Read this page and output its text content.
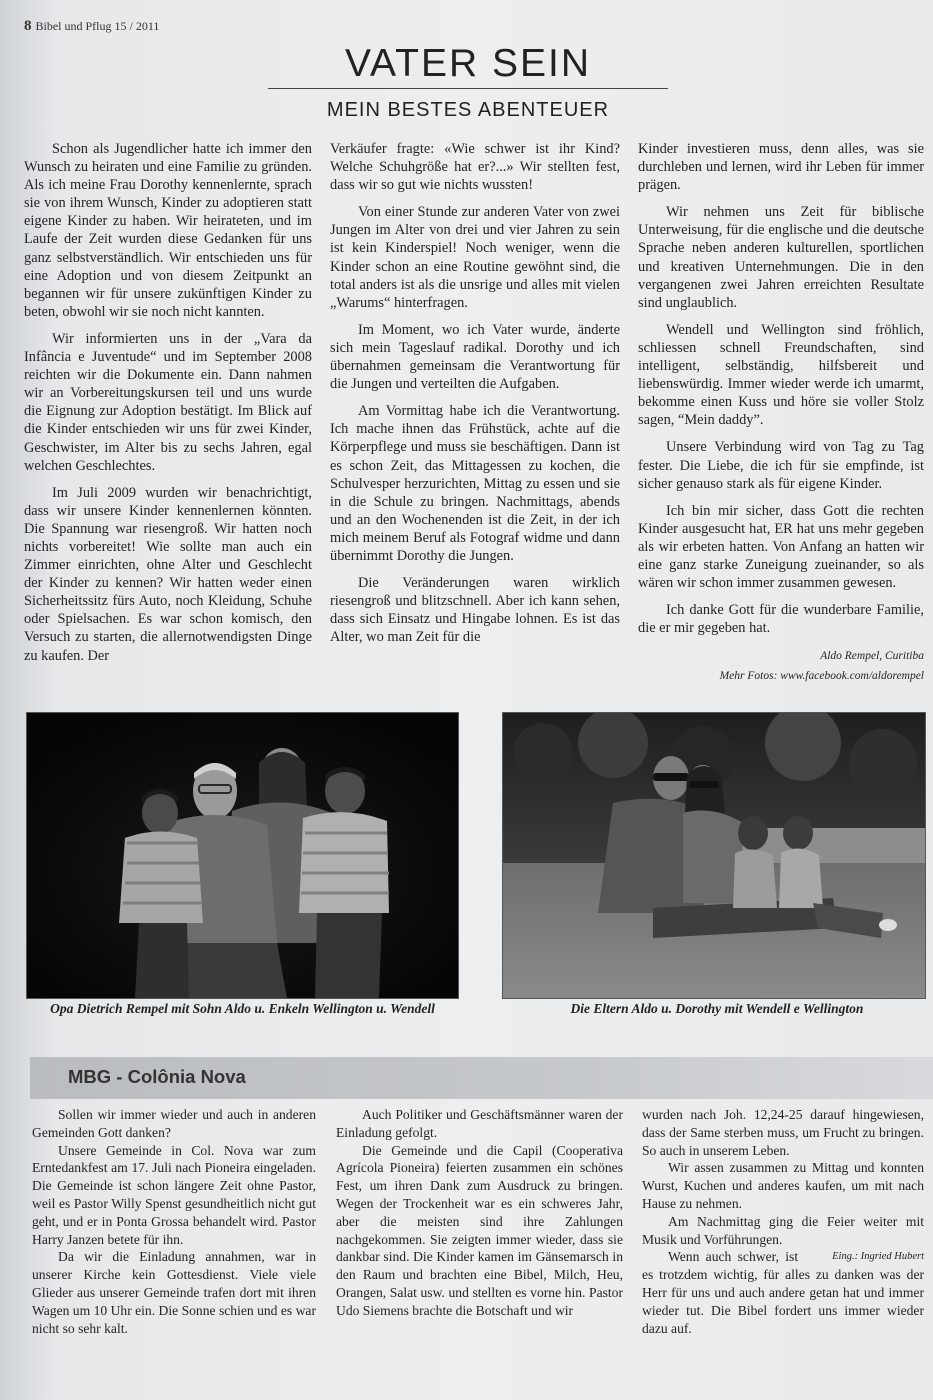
8 Bibel und Pflug 15 / 2011
VATER SEIN
MEIN BESTES ABENTEUER

Schon als Jugendlicher hatte ich immer den Wunsch zu heiraten und eine Familie zu gründen. Als ich meine Frau Dorothy kennenlernte, sprach sie von ihrem Wunsch, Kinder zu adoptieren statt eigene Kinder zu haben. Wir heirateten, und im Laufe der Zeit wurden diese Gedanken für uns ganz selbstverständlich. Wir entschieden uns für eine Adoption und von diesem Zeitpunkt an begannen wir für unsere zukünftigen Kinder zu beten, obwohl wir sie noch nicht kannten.

Wir informierten uns in der „Vara da Infância e Juventude“ und im September 2008 reichten wir die Dokumente ein. Dann nahmen wir an Vorbereitungskursen teil und uns wurde die Eignung zur Adoption bestätigt. Im Blick auf die Kinder entschieden wir uns für zwei Kinder, Geschwister, im Alter bis zu sechs Jahren, egal welchen Geschlechtes.

Im Juli 2009 wurden wir benachrichtigt, dass wir unsere Kinder kennenlernen könnten. Die Spannung war riesengroß. Wir hatten noch nichts vorbereitet! Wie sollte man auch ein Zimmer einrichten, ohne Alter und Geschlecht der Kinder zu kennen? Wir hatten weder einen Sicherheitssitz fürs Auto, noch Kleidung, Schuhe oder Spielsachen. Es war schon komisch, den Versuch zu starten, die allernotwendigsten Dinge zu kaufen. Der

Verkäufer fragte: «Wie schwer ist ihr Kind? Welche Schuhgröße hat er?...» Wir stellten fest, dass wir so gut wie nichts wussten!

Von einer Stunde zur anderen Vater von zwei Jungen im Alter von drei und vier Jahren zu sein ist kein Kinderspiel! Noch weniger, wenn die Kinder schon an eine Routine gewöhnt sind, die total anders ist als die unsrige und alles mit vielen „Warums“ hinterfragen.

Im Moment, wo ich Vater wurde, änderte sich mein Tageslauf radikal. Dorothy und ich übernahmen gemeinsam die Verantwortung für die Jungen und verteilten die Aufgaben.

Am Vormittag habe ich die Verantwortung. Ich mache ihnen das Frühstück, achte auf die Körperpflege und muss sie beschäftigen. Dann ist es schon Zeit, das Mittagessen zu kochen, die Schulvesper herzurichten, Mittag zu essen und sie in die Schule zu bringen. Nachmittags, abends und an den Wochenenden ist die Zeit, in der ich mich meinem Beruf als Fotograf widme und dann übernimmt Dorothy die Jungen.

Die Veränderungen waren wirklich riesengroß und blitzschnell. Aber ich kann sehen, dass sich Einsatz und Hingabe lohnen. Es ist das Alter, wo man Zeit für die

Kinder investieren muss, denn alles, was sie durchleben und lernen, wird ihr Leben für immer prägen.

Wir nehmen uns Zeit für biblische Unterweisung, für die englische und die deutsche Sprache neben anderen kulturellen, sportlichen und kreativen Unternehmungen. Die in den vergangenen zwei Jahren erreichten Resultate sind unglaublich.

Wendell und Wellington sind fröhlich, schliessen schnell Freundschaften, sind intelligent, selbständig, hilfsbereit und liebenswürdig. Immer wieder werde ich umarmt, bekomme einen Kuss und höre sie voller Stolz sagen, “Mein daddy”.

Unsere Verbindung wird von Tag zu Tag fester. Die Liebe, die ich für sie empfinde, ist sicher genauso stark als für eigene Kinder.

Ich bin mir sicher, dass Gott die rechten Kinder ausgesucht hat, ER hat uns mehr gegeben als wir erbeten hatten. Von Anfang an hatten wir eine ganz starke Zuneigung zueinander, so als wären wir schon immer zusammen gewesen.

Ich danke Gott für die wunderbare Familie, die er mir gegeben hat.

Aldo Rempel, Curitiba

Mehr Fotos: www.facebook.com/aldorempel

Opa Dietrich Rempel mit Sohn Aldo u. Enkeln Wellington u. Wendell	Die Eltern Aldo u. Dorothy mit Wendell e Wellington
MBG - Colônia Nova

Sollen wir immer wieder und auch in anderen Gemeinden Gott danken?

Unsere Gemeinde in Col. Nova war zum Erntedankfest am 17. Juli nach Pioneira eingeladen. Die Gemeinde ist schon längere Zeit ohne Pastor, weil es Pastor Willy Spenst gesundheitlich nicht gut geht, und er in Ponta Grossa behandelt wird. Pastor Harry Janzen betete für ihn.

Da wir die Einladung annahmen, war in unserer Kirche kein Gottesdienst. Viele viele Glieder aus unserer Gemeinde trafen dort mit ihren Wagen um 10 Uhr ein. Die Sonne schien und es war nicht so sehr kalt.

Auch Politiker und Geschäftsmänner waren der Einladung gefolgt.

Die Gemeinde und die Capil (Cooperativa Agrícola Pioneira) feierten zusammen ein schönes Fest, um ihren Dank zum Ausdruck zu bringen. Wegen der Trockenheit war es ein schweres Jahr, aber die meisten sind ihre Zahlungen nachgekommen. Sie zeigten immer wieder, dass sie dankbar sind. Die Kinder kamen im Gänsemarsch in den Raum und brachten eine Bibel, Milch, Heu, Orangen, Salat usw. und stellten es vorne hin. Pastor Udo Siemens brachte die Botschaft und wir

wurden nach Joh. 12,24-25 darauf hingewiesen, dass der Same sterben muss, um Frucht zu bringen. So auch in unserem Leben.

Wir assen zusammen zu Mittag und konnten Wurst, Kuchen und anderes kaufen, um mit nach Hause zu nehmen.

Am Nachmittag ging die Feier weiter mit Musik und Vorführungen.

Eing.: Ingried Hubert
Wenn auch schwer, ist es trotzdem wichtig, für alles zu danken was der Herr für uns und auch andere getan hat und immer wieder tut. Die Bibel fordert uns immer wieder dazu auf.
